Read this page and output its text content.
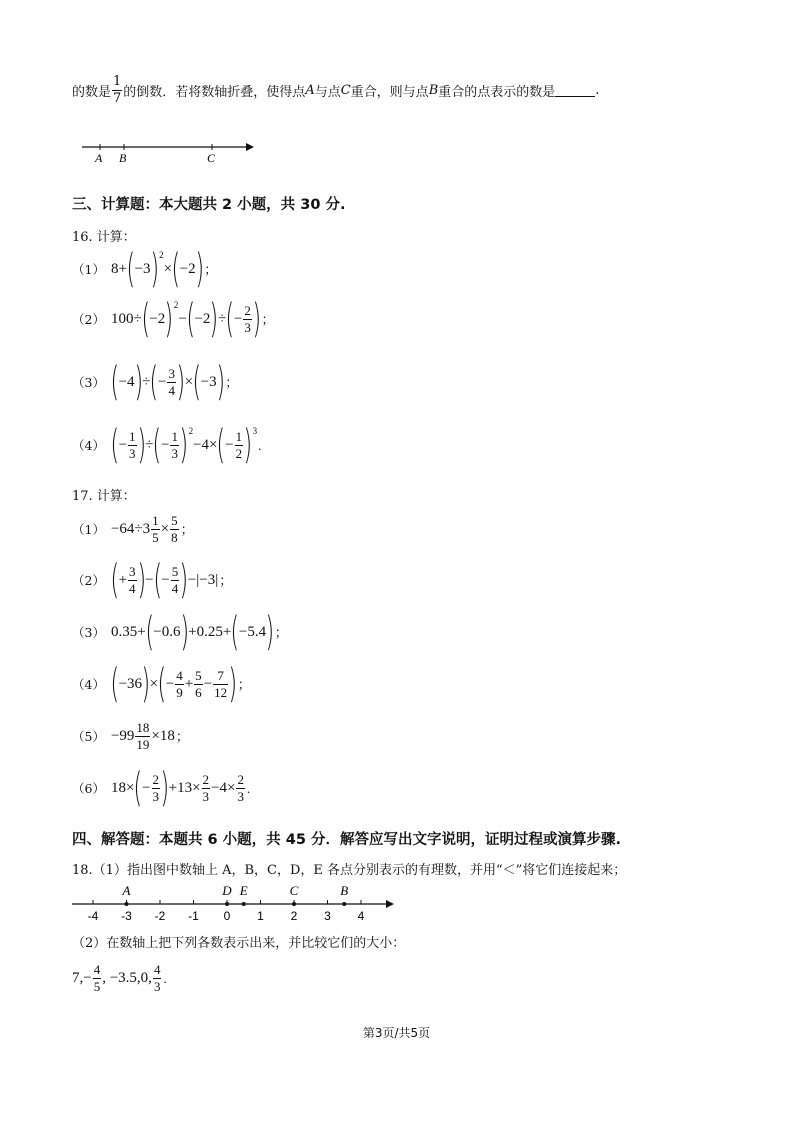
的数是 $\frac{1}{7}$ 的倒数．若将数轴折叠，使得点 A 与点 C 重合，则与点 B 重合的点表示的数是	.
A B	C
三、计算题：本大题共 2 小题，共 30 分.
16. 计算：
（1） 8+ ( −3 ) 2
× ( −2 ) ；
（2） 100÷ ( −2 ) 2
− ( −2 ) ÷ ( − $\frac{2}{3}$ ) ；
（3） ( −4 ) ÷ ( − $\frac{3}{4}$ ) × ( −3 ) ；
（4） ( − $\frac{1}{3}$ ) ÷ ( − $\frac{1}{3}$ ) 2
−4× ( − $\frac{1}{2}$ ) 3
.
17. 计算：
$(1) -64\div 3 \frac{1}{5} \times \frac{5}{8}$ ；
（2） ( + $\frac{3}{4}$ ) − ( − $\frac{5}{4}$ ) −|−3| ；
（3） 0.35+ ( −0.6 ) +0.25+ ( −5.4 ) ；
（4） ( −36 ) × ( − $\frac{4}{9} + \frac{5}{6} - \frac{7}{12}$ ) ；
$(5) -99 \frac{18}{19} \times 18$ ；
（6） 18× ( − $\frac{2}{3}$ ) $+13\times \frac{2}{3} -4\times \frac{2}{3}$ .
四、解答题：本题共 6 小题，共 45 分．解答应写出文字说明，证明过程或演算步骤.
18.（1）指出图中数轴上 A，B，C，D，E 各点分别表示的有理数，并用“＜”将它们连接起来；
-4 -3 -2 -1 0 1 2 3 4
A	D E	C	B
（2）在数轴上把下列各数表示出来，并比较它们的大小：
7, − $\frac{4}{5}$ , −3.5,0, $\frac{4}{3}$ .
第3页/共5页
